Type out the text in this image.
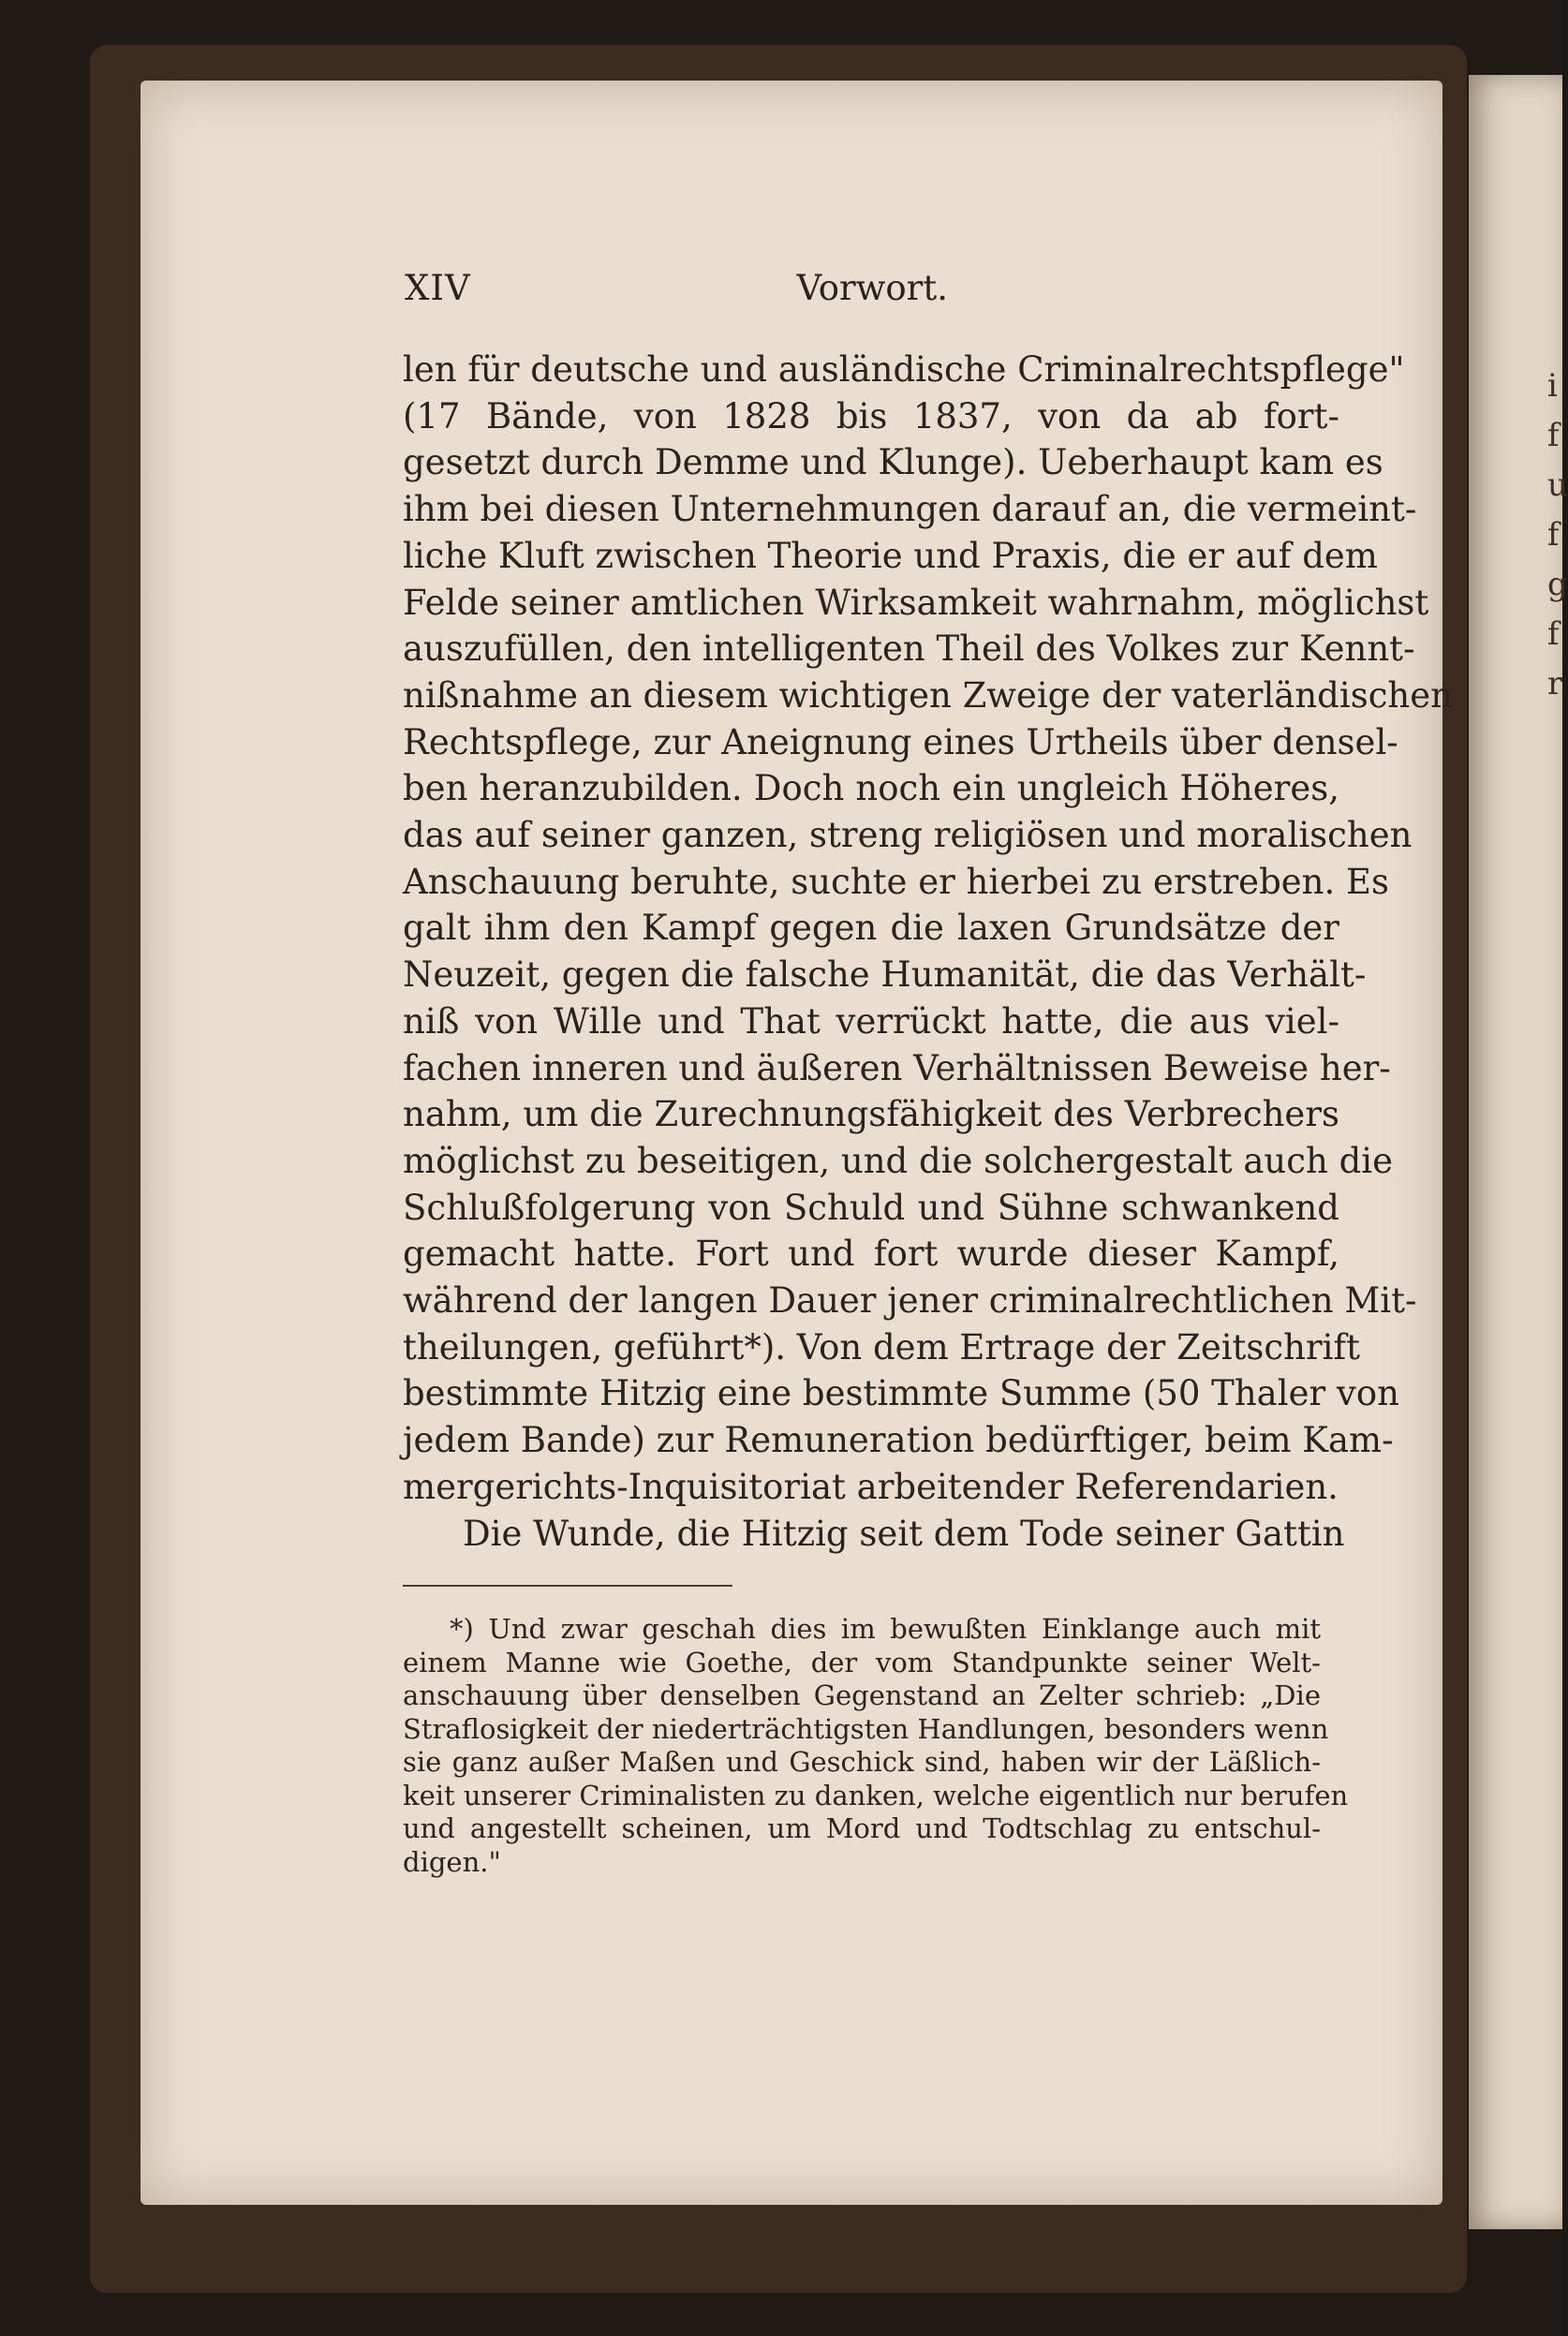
i
f
u
f
g
f
r
XIV	Vorwort.
len für deutsche und ausländische Criminalrechtspflege"
(17 Bände, von 1828 bis 1837, von da ab fort-
gesetzt durch Demme und Klunge). Ueberhaupt kam es
ihm bei diesen Unternehmungen darauf an, die vermeint-
liche Kluft zwischen Theorie und Praxis, die er auf dem
Felde seiner amtlichen Wirksamkeit wahrnahm, möglichst
auszufüllen, den intelligenten Theil des Volkes zur Kennt-
nißnahme an diesem wichtigen Zweige der vaterländischen
Rechtspflege, zur Aneignung eines Urtheils über densel-
ben heranzubilden. Doch noch ein ungleich Höheres,
das auf seiner ganzen, streng religiösen und moralischen
Anschauung beruhte, suchte er hierbei zu erstreben. Es
galt ihm den Kampf gegen die laxen Grundsätze der
Neuzeit, gegen die falsche Humanität, die das Verhält-
niß von Wille und That verrückt hatte, die aus viel-
fachen inneren und äußeren Verhältnissen Beweise her-
nahm, um die Zurechnungsfähigkeit des Verbrechers
möglichst zu beseitigen, und die solchergestalt auch die
Schlußfolgerung von Schuld und Sühne schwankend
gemacht hatte. Fort und fort wurde dieser Kampf,
während der langen Dauer jener criminalrechtlichen Mit-
theilungen, geführt*). Von dem Ertrage der Zeitschrift
bestimmte Hitzig eine bestimmte Summe (50 Thaler von
jedem Bande) zur Remuneration bedürftiger, beim Kam-
mergerichts-Inquisitoriat arbeitender Referendarien.
Die Wunde, die Hitzig seit dem Tode seiner Gattin
*) Und zwar geschah dies im bewußten Einklange auch mit
einem Manne wie Goethe, der vom Standpunkte seiner Welt-
anschauung über denselben Gegenstand an Zelter schrieb: „Die
Straflosigkeit der niederträchtigsten Handlungen, besonders wenn
sie ganz außer Maßen und Geschick sind, haben wir der Läßlich-
keit unserer Criminalisten zu danken, welche eigentlich nur berufen
und angestellt scheinen, um Mord und Todtschlag zu entschul-
digen."
